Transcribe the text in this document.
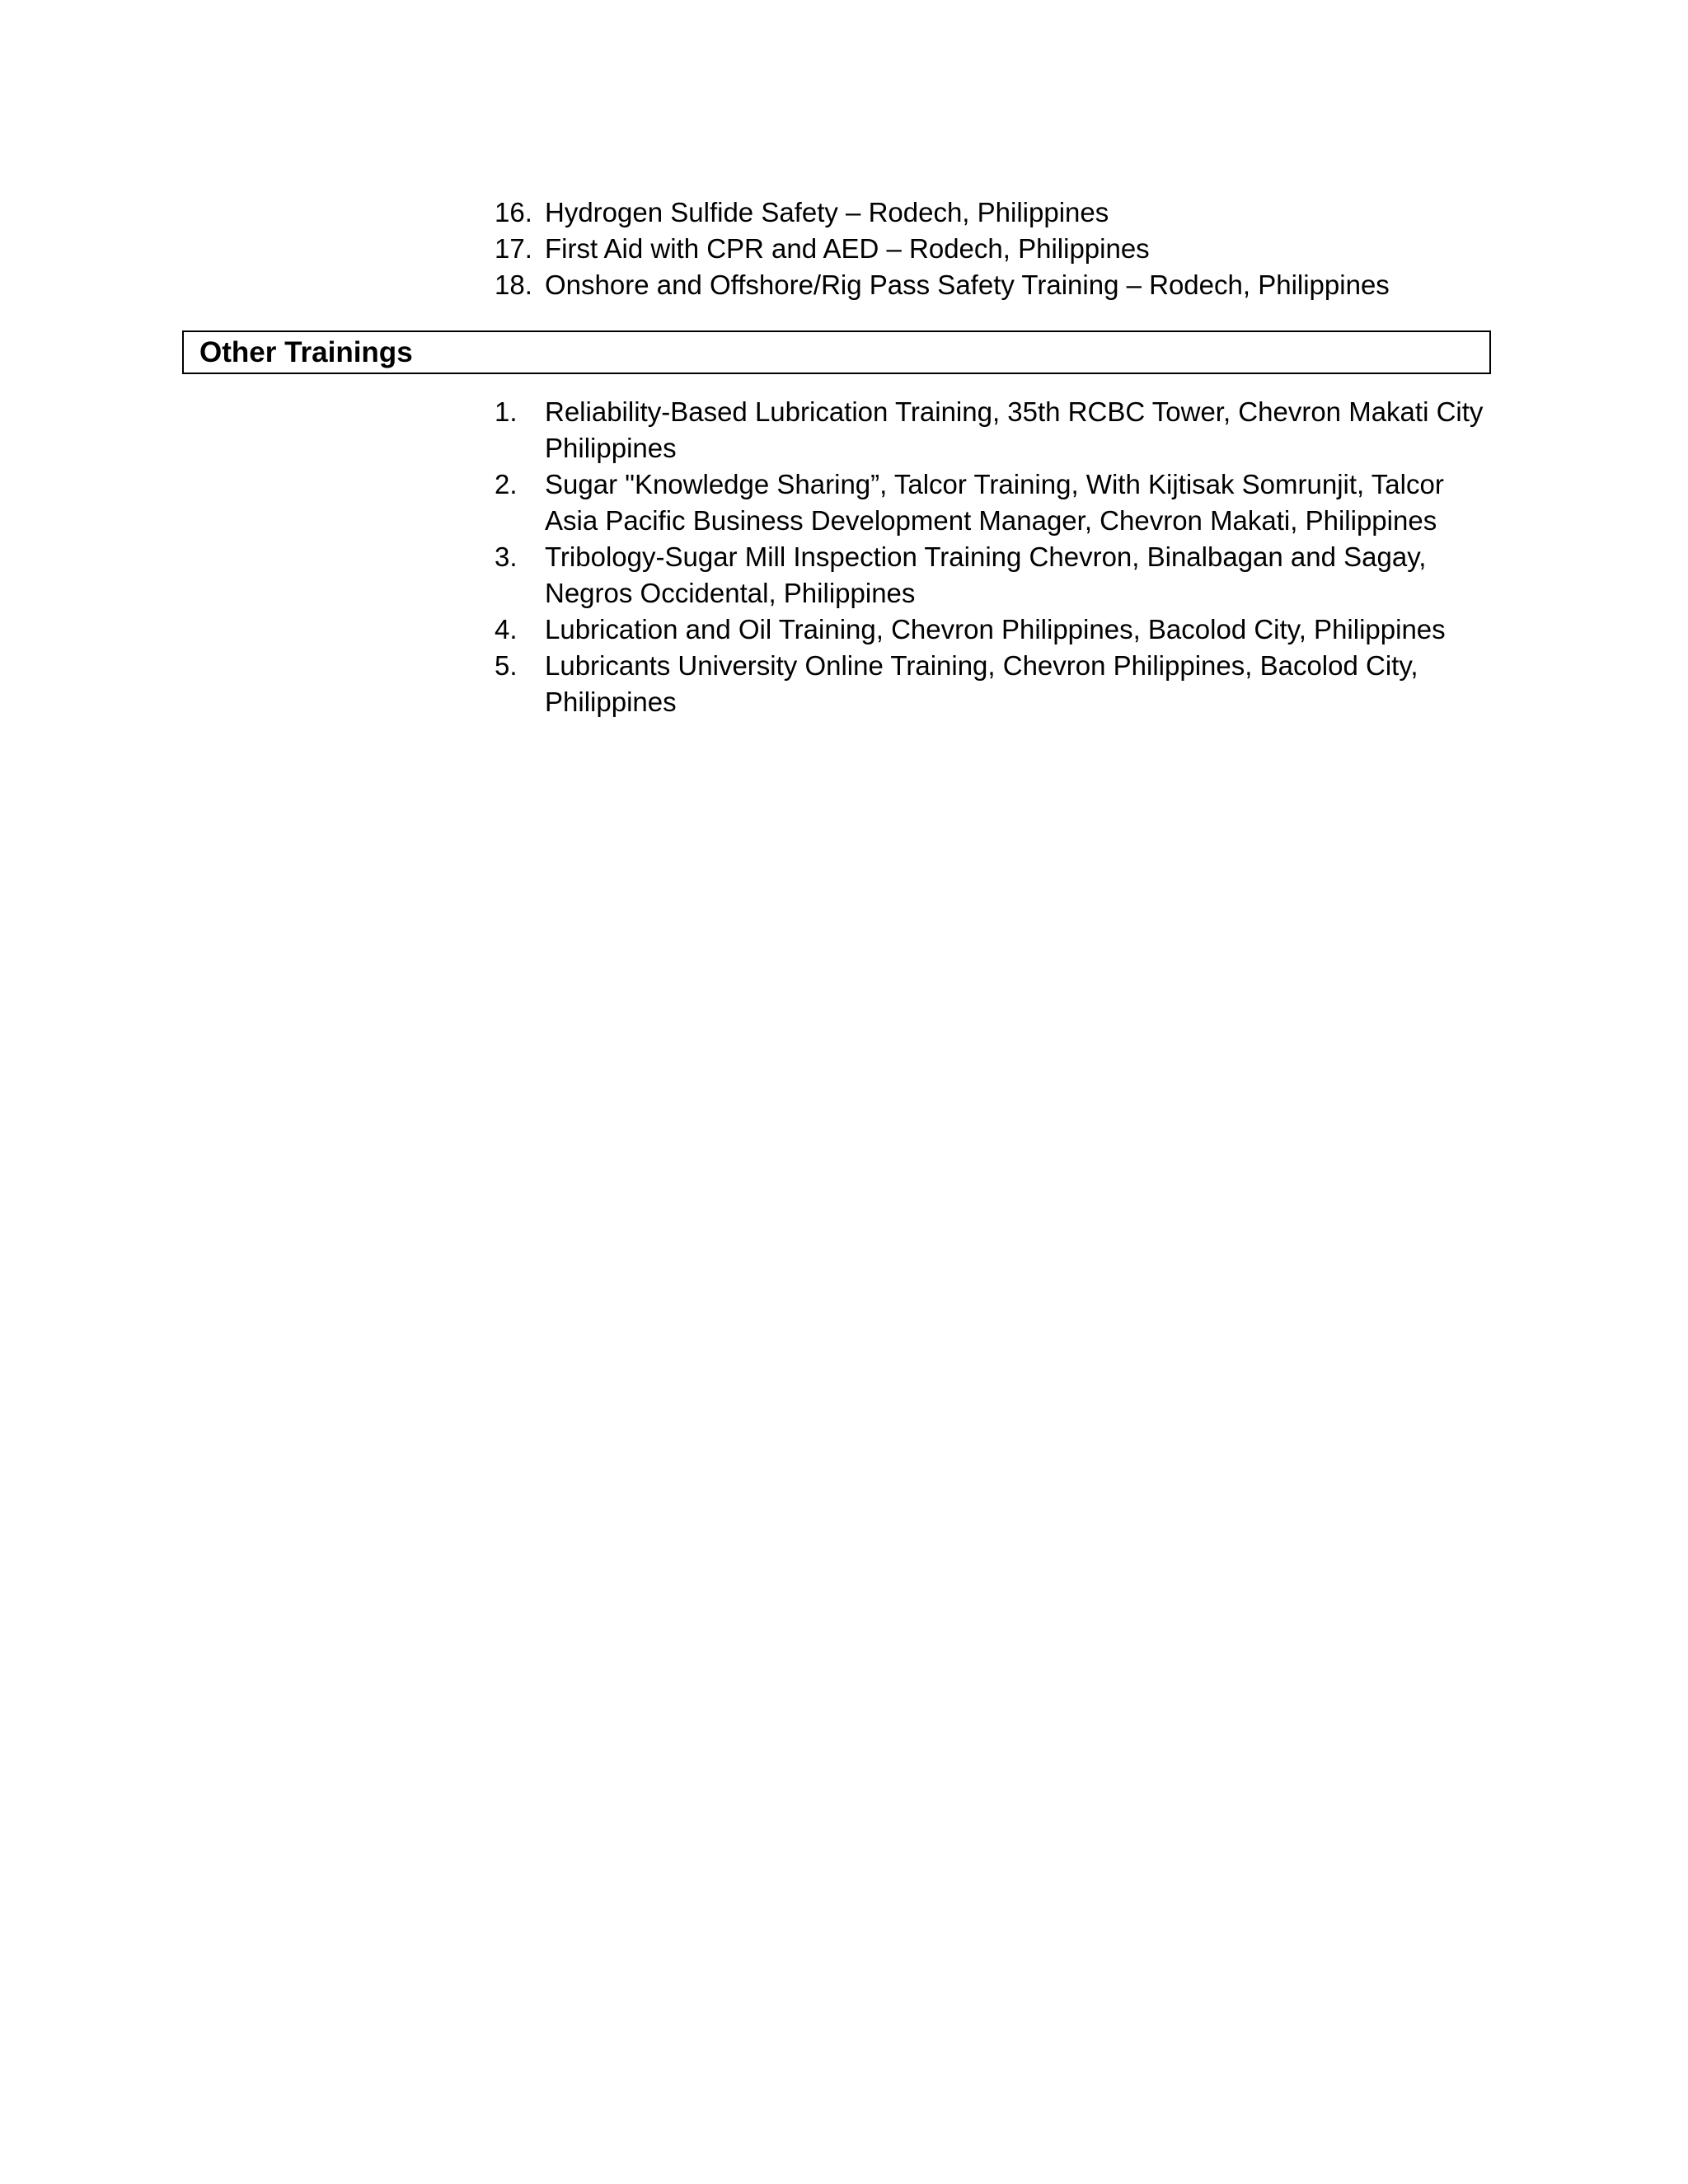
16. Hydrogen Sulfide Safety – Rodech, Philippines
17. First Aid with CPR and AED – Rodech, Philippines
18. Onshore and Offshore/Rig Pass Safety Training – Rodech, Philippines
Other Trainings
1.	Reliability-Based Lubrication Training, 35th RCBC Tower, Chevron Makati City Philippines
2.	Sugar "Knowledge Sharing”, Talcor Training, With Kijtisak Somrunjit, Talcor Asia Pacific Business Development Manager, Chevron Makati, Philippines
3.	Tribology-Sugar Mill Inspection Training Chevron, Binalbagan and Sagay, Negros Occidental, Philippines
4.	Lubrication and Oil Training, Chevron Philippines, Bacolod City, Philippines
5.	Lubricants University Online Training, Chevron Philippines, Bacolod City, Philippines
